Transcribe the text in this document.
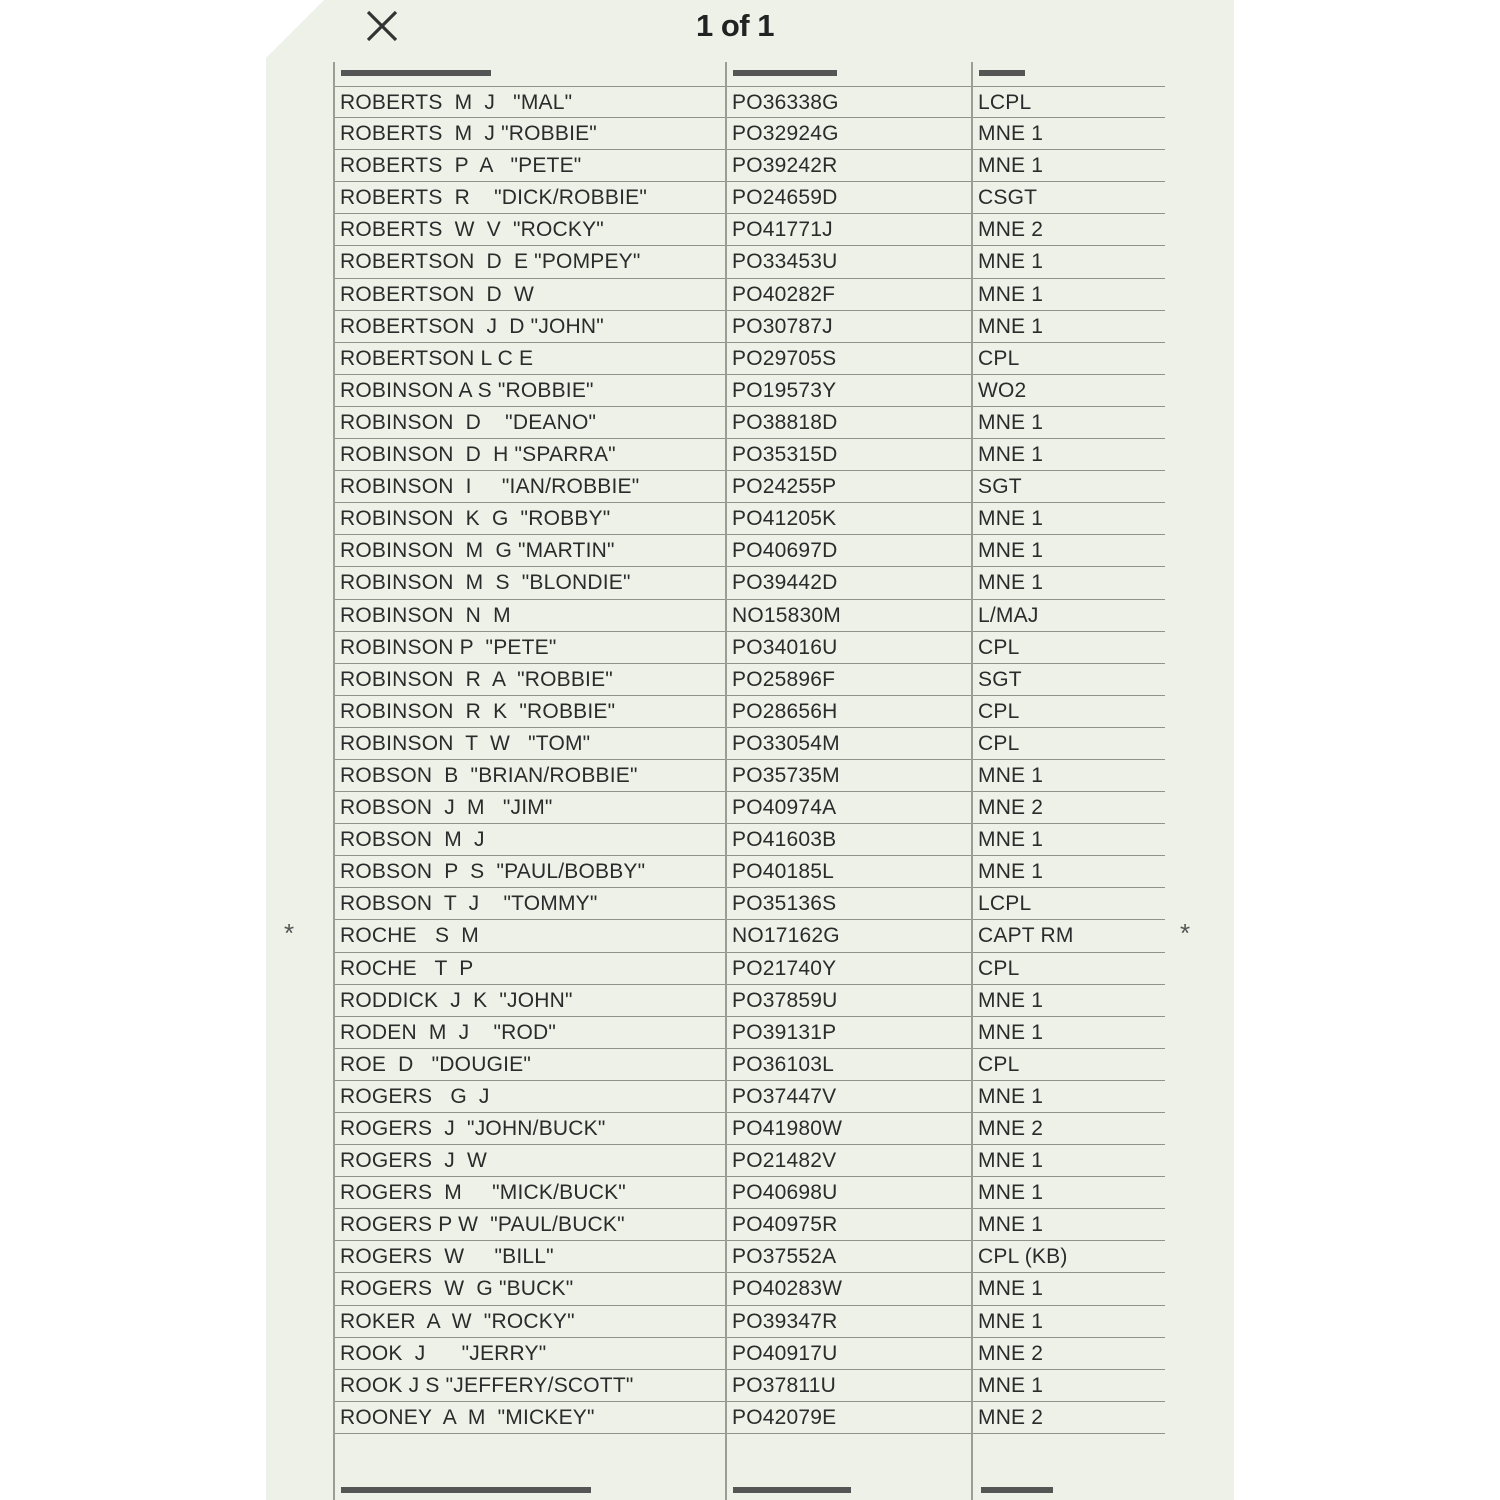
1 of 1
*	*
ROBERTS  M  J   "MAL"	PO36338G	LCPL
ROBERTS  M  J "ROBBIE"	PO32924G	MNE 1
ROBERTS  P  A   "PETE"	PO39242R	MNE 1
ROBERTS  R    "DICK/ROBBIE"	PO24659D	CSGT
ROBERTS  W  V  "ROCKY"	PO41771J	MNE 2
ROBERTSON  D  E "POMPEY"	PO33453U	MNE 1
ROBERTSON  D  W	PO40282F	MNE 1
ROBERTSON  J  D "JOHN"	PO30787J	MNE 1
ROBERTSON L C E	PO29705S	CPL
ROBINSON A S "ROBBIE"	PO19573Y	WO2
ROBINSON  D    "DEANO"	PO38818D	MNE 1
ROBINSON  D  H "SPARRA"	PO35315D	MNE 1
ROBINSON  I     "IAN/ROBBIE"	PO24255P	SGT
ROBINSON  K  G  "ROBBY"	PO41205K	MNE 1
ROBINSON  M  G "MARTIN"	PO40697D	MNE 1
ROBINSON  M  S  "BLONDIE"	PO39442D	MNE 1
ROBINSON  N  M	NO15830M	L/MAJ
ROBINSON P  "PETE"	PO34016U	CPL
ROBINSON  R  A  "ROBBIE"	PO25896F	SGT
ROBINSON  R  K  "ROBBIE"	PO28656H	CPL
ROBINSON  T  W   "TOM"	PO33054M	CPL
ROBSON  B  "BRIAN/ROBBIE"	PO35735M	MNE 1
ROBSON  J  M   "JIM"	PO40974A	MNE 2
ROBSON  M  J	PO41603B	MNE 1
ROBSON  P  S  "PAUL/BOBBY"	PO40185L	MNE 1
ROBSON  T  J    "TOMMY"	PO35136S	LCPL
ROCHE   S  M	NO17162G	CAPT RM
ROCHE   T  P	PO21740Y	CPL
RODDICK  J  K  "JOHN"	PO37859U	MNE 1
RODEN  M  J    "ROD"	PO39131P	MNE 1
ROE  D   "DOUGIE"	PO36103L	CPL
ROGERS   G  J	PO37447V	MNE 1
ROGERS  J  "JOHN/BUCK"	PO41980W	MNE 2
ROGERS  J  W	PO21482V	MNE 1
ROGERS  M     "MICK/BUCK"	PO40698U	MNE 1
ROGERS P W  "PAUL/BUCK"	PO40975R	MNE 1
ROGERS  W     "BILL"	PO37552A	CPL (KB)
ROGERS  W  G "BUCK"	PO40283W	MNE 1
ROKER  A  W  "ROCKY"	PO39347R	MNE 1
ROOK  J      "JERRY"	PO40917U	MNE 2
ROOK J S "JEFFERY/SCOTT"	PO37811U	MNE 1
ROONEY  A  M  "MICKEY"	PO42079E	MNE 2
